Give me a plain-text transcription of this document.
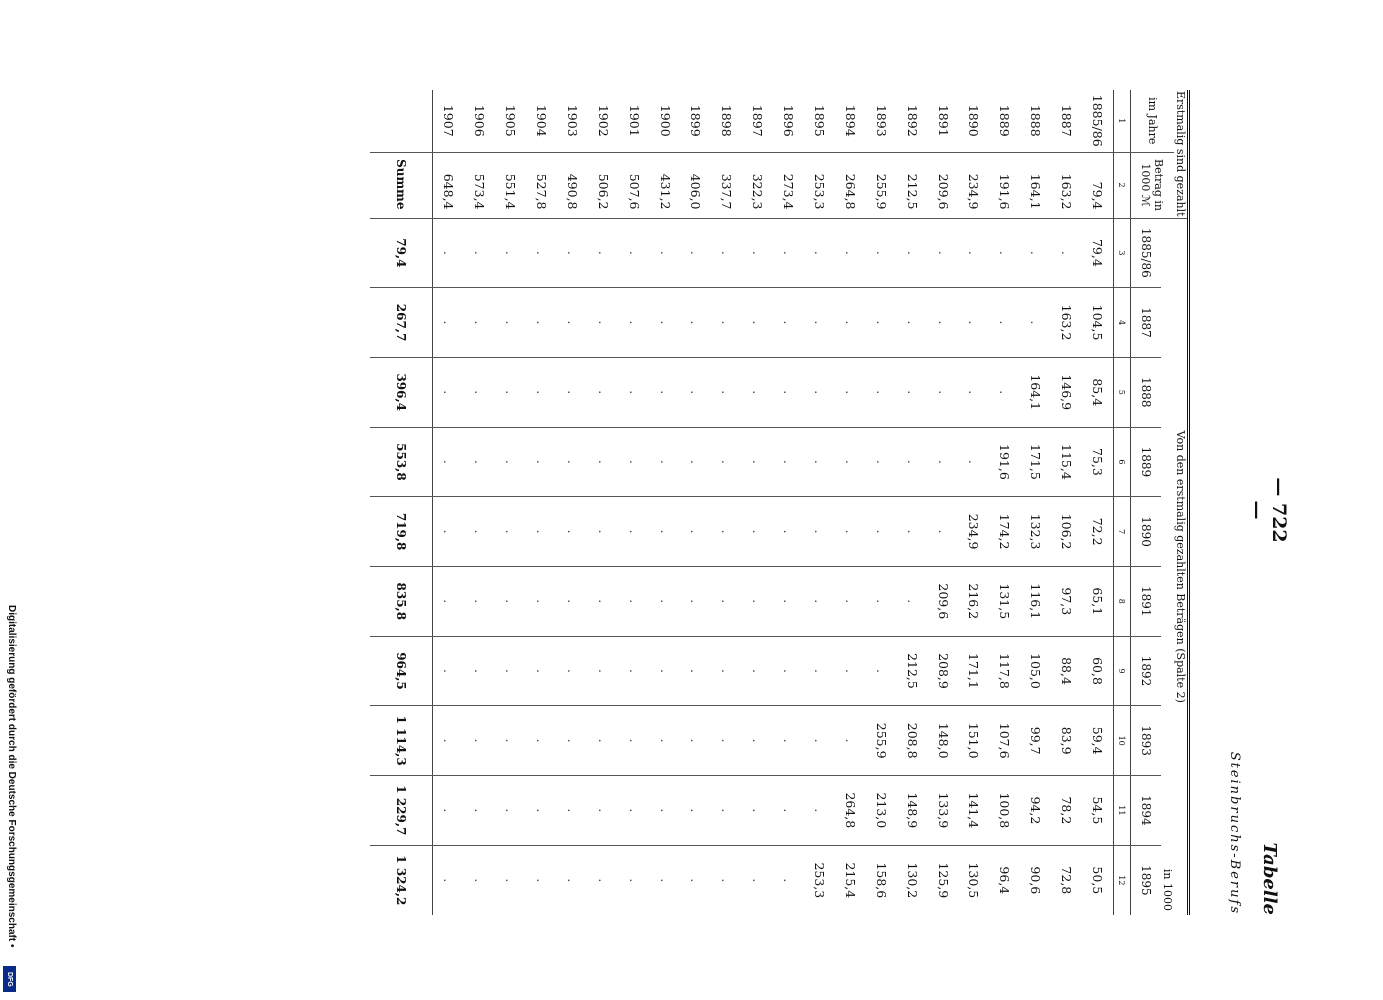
Digitalisierung gefördert durch die Deutsche Forschungsgemeinschaft •
DFG
— 722 —
Tabelle
Steinbruchs-Berufs
Erstmalig sind gezahlt		Von den erstmalig gezahlten Beträgen (Spalte 2)									
im Jahre	Betrag in 1000 ℳ	in 1000									
		1885/86	1887	1888	1889	1890	1891	1892	1893	1894	1895
1	2	3	4	5	6	7	8	9	10	11	12
1885/86	79,4	79,4	104,5	85,4	75,3	72,2	65,1	60,8	59,4	54,5	50,5
1887	163,2	.	163,2	146,9	115,4	106,2	97,3	88,4	83,9	78,2	72,8
1888	164,1	.	.	164,1	171,5	132,3	116,1	105,0	99,7	94,2	90,6
1889	191,6	.	.	.	191,6	174,2	131,5	117,8	107,6	100,8	96,4
1890	234,9	.	.	.	.	234,9	216,2	171,1	151,0	141,4	130,5
1891	209,6	.	.	.	.	.	209,6	208,9	148,0	133,9	125,9
1892	212,5	.	.	.	.	.	.	212,5	208,8	148,9	130,2
1893	255,9	.	.	.	.	.	.	.	255,9	213,0	158,6
1894	264,8	.	.	.	.	.	.	.	.	264,8	215,4
1895	253,3	.	.	.	.	.	.	.	.	.	253,3
1896	273,4	.	.	.	.	.	.	.	.	.	.
1897	322,3	.	.	.	.	.	.	.	.	.	.
1898	337,7	.	.	.	.	.	.	.	.	.	.
1899	406,0	.	.	.	.	.	.	.	.	.	.
1900	431,2	.	.	.	.	.	.	.	.	.	.
1901	507,6	.	.	.	.	.	.	.	.	.	.
1902	506,2	.	.	.	.	.	.	.	.	.	.
1903	490,8	.	.	.	.	.	.	.	.	.	.
1904	527,8	.	.	.	.	.	.	.	.	.	.
1905	551,4	.	.	.	.	.	.	.	.	.	.
1906	573,4	.	.	.	.	.	.	.	.	.	.
1907	648,4	.	.	.	.	.	.	.	.	.	.
	Summe	79,4	267,7	396,4	553,8	719,8	835,8	964,5	1 114,3	1 229,7	1 324,2
